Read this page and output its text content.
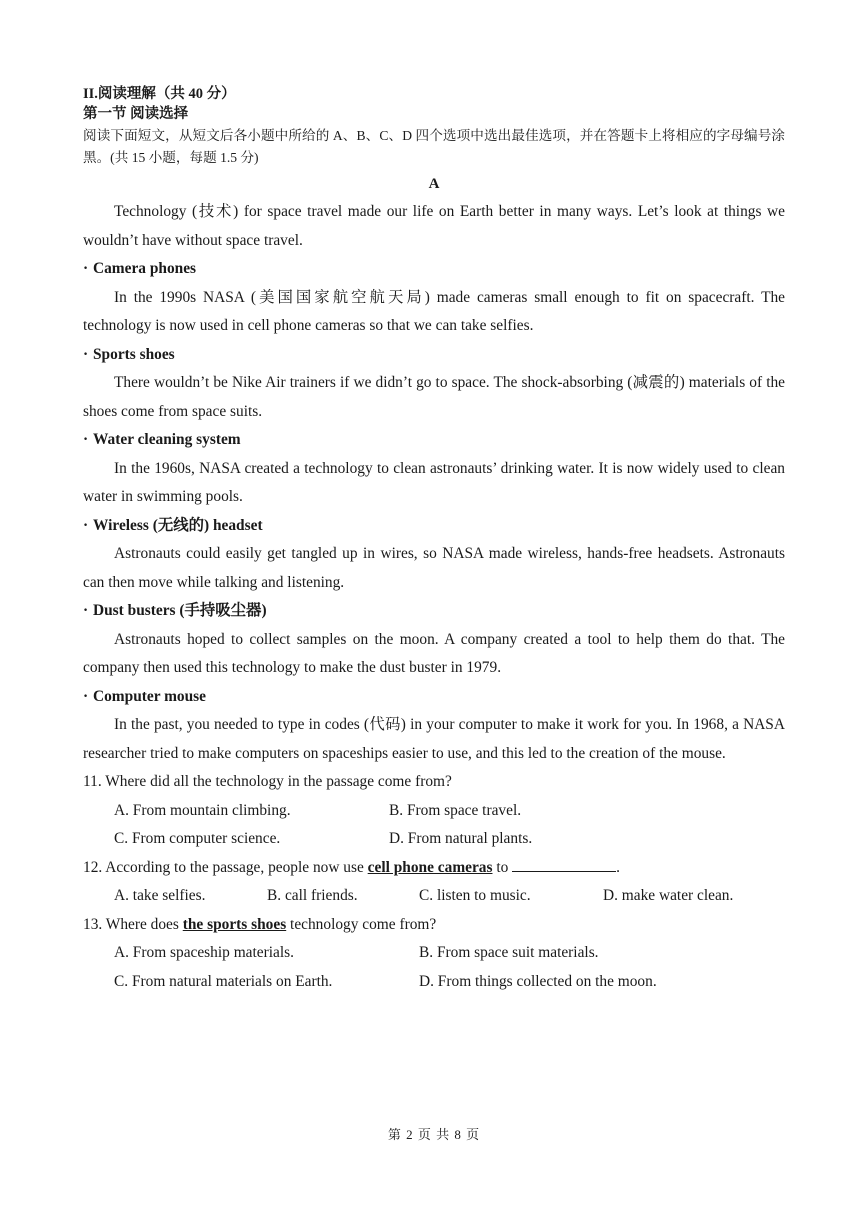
II.阅读理解（共 40 分）
第一节 阅读选择
阅读下面短文，从短文后各小题中所给的 A、B、C、D 四个选项中选出最佳选项，并在答题卡上将相应的字母编号涂黑。(共 15 小题，每题 1.5 分)
A
Technology (技术) for space travel made our life on Earth better in many ways. Let’s look at things we wouldn’t have without space travel.
· Camera phones
In the 1990s NASA (美国国家航空航天局) made cameras small enough to fit on spacecraft. The technology is now used in cell phone cameras so that we can take selfies.
· Sports shoes
There wouldn’t be Nike Air trainers if we didn’t go to space. The shock-absorbing (减震的) materials of the shoes come from space suits.
· Water cleaning system
In the 1960s, NASA created a technology to clean astronauts’ drinking water. It is now widely used to clean water in swimming pools.
· Wireless (无线的) headset
Astronauts could easily get tangled up in wires, so NASA made wireless, hands-free headsets. Astronauts can then move while talking and listening.
· Dust busters (手持吸尘器)
Astronauts hoped to collect samples on the moon. A company created a tool to help them do that. The company then used this technology to make the dust buster in 1979.
· Computer mouse
In the past, you needed to type in codes (代码) in your computer to make it work for you. In 1968, a NASA researcher tried to make computers on spaceships easier to use, and this led to the creation of the mouse.
11. Where did all the technology in the passage come from?
A. From mountain climbing.	B. From space travel.
C. From computer science.	D. From natural plants.
12. According to the passage, people now use cell phone cameras to	.
A. take selfies.	B. call friends.	C. listen to music.	D. make water clean.
13. Where does the sports shoes technology come from?
A. From spaceship materials.	B. From space suit materials.
C. From natural materials on Earth.	D. From things collected on the moon.
第 2 页 共 8 页
